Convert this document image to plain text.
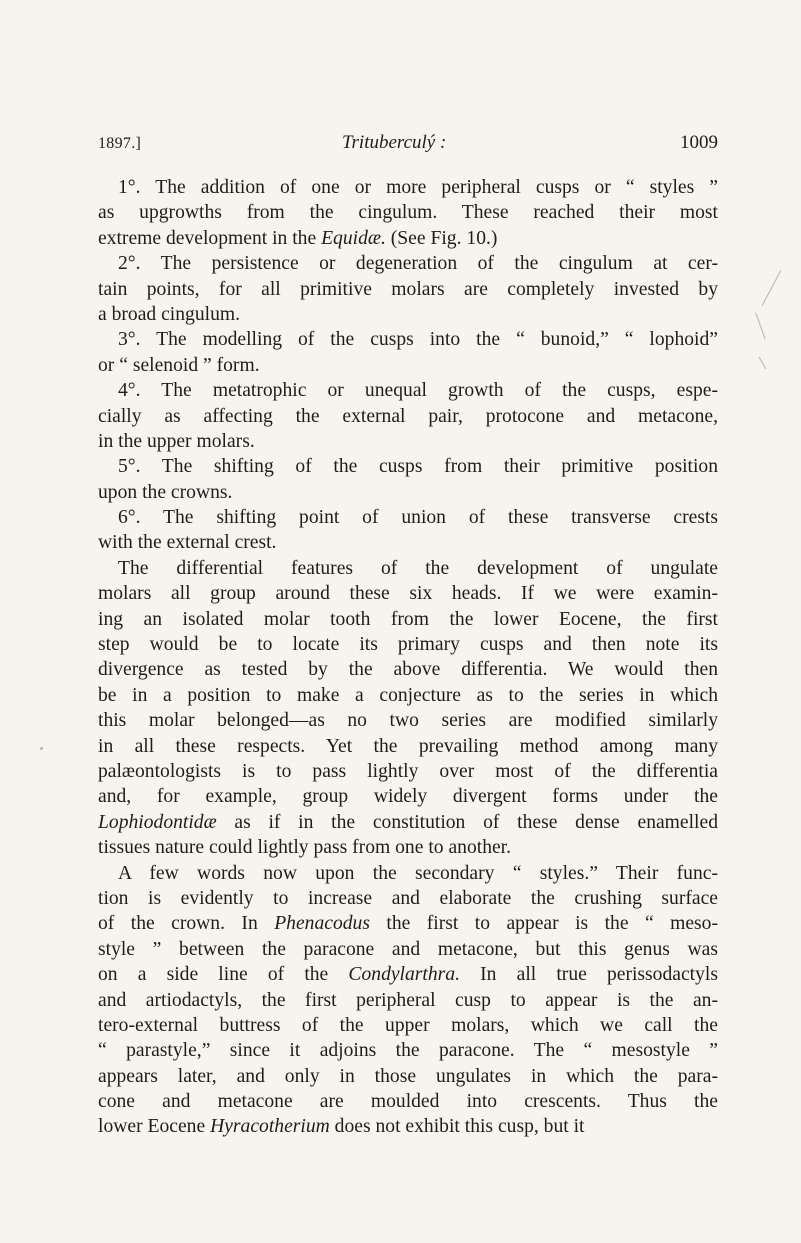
1897.]	Trituberculý :	1009
1°. The addition of one or more peripheral cusps or “ styles ”
as upgrowths from the cingulum. These reached their most
extreme development in the Equidæ. (See Fig. 10.)
2°. The persistence or degeneration of the cingulum at cer-
tain points, for all primitive molars are completely invested by
a broad cingulum.
3°. The modelling of the cusps into the “ bunoid,” “ lophoid”
or “ selenoid ” form.
4°. The metatrophic or unequal growth of the cusps, espe-
cially as affecting the external pair, protocone and metacone,
in the upper molars.
5°. The shifting of the cusps from their primitive position
upon the crowns.
6°. The shifting point of union of these transverse crests
with the external crest.
The differential features of the development of ungulate
molars all group around these six heads. If we were examin-
ing an isolated molar tooth from the lower Eocene, the first
step would be to locate its primary cusps and then note its
divergence as tested by the above differentia. We would then
be in a position to make a conjecture as to the series in which
this molar belonged—as no two series are modified similarly
in all these respects. Yet the prevailing method among many
palæontologists is to pass lightly over most of the differentia
and, for example, group widely divergent forms under the
Lophiodontidæ as if in the constitution of these dense enamelled
tissues nature could lightly pass from one to another.
A few words now upon the secondary “ styles.” Their func-
tion is evidently to increase and elaborate the crushing surface
of the crown. In Phenacodus the first to appear is the “ meso-
style ” between the paracone and metacone, but this genus was
on a side line of the Condylarthra. In all true perissodactyls
and artiodactyls, the first peripheral cusp to appear is the an-
tero-external buttress of the upper molars, which we call the
“ parastyle,” since it adjoins the paracone. The “ mesostyle ”
appears later, and only in those ungulates in which the para-
cone and metacone are moulded into crescents. Thus the
lower Eocene Hyracotherium does not exhibit this cusp, but it
